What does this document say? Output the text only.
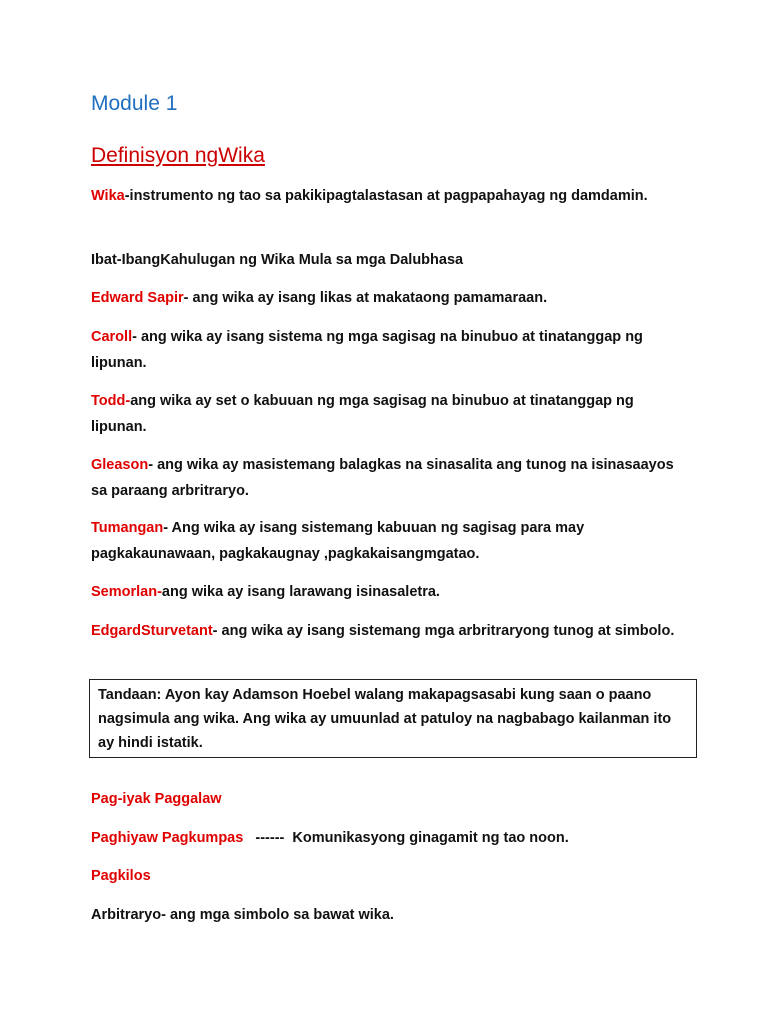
Module 1
Definisyon ngWika

Wika-instrumento ng tao sa pakikipagtalastasan at pagpapahayag ng damdamin.

Ibat-IbangKahulugan ng Wika Mula sa mga Dalubhasa

Edward Sapir- ang wika ay isang likas at makataong pamamaraan.

Caroll- ang wika ay isang sistema ng mga sagisag na binubuo at tinatanggap ng lipunan.

Todd-ang wika ay set o kabuuan ng mga sagisag na binubuo at tinatanggap ng lipunan.

Gleason- ang wika ay masistemang balagkas na sinasalita ang tunog na isinasaayos sa paraang arbritraryo.

Tumangan- Ang wika ay isang sistemang kabuuan ng sagisag para may pagkakaunawaan, pagkakaugnay ,pagkakaisangmgatao.

Semorlan-ang wika ay isang larawang isinasaletra.

EdgardSturvetant- ang wika ay isang sistemang mga arbritraryong tunog at simbolo.

Tandaan: Ayon kay Adamson Hoebel walang makapagsasabi kung saan o paano nagsimula ang wika. Ang wika ay umuunlad at patuloy na nagbabago kailanman ito ay hindi istatik.

Pag-iyak Paggalaw

Paghiyaw Pagkumpas   ------  Komunikasyong ginagamit ng tao noon.

Pagkilos

Arbitraryo- ang mga simbolo sa bawat wika.
